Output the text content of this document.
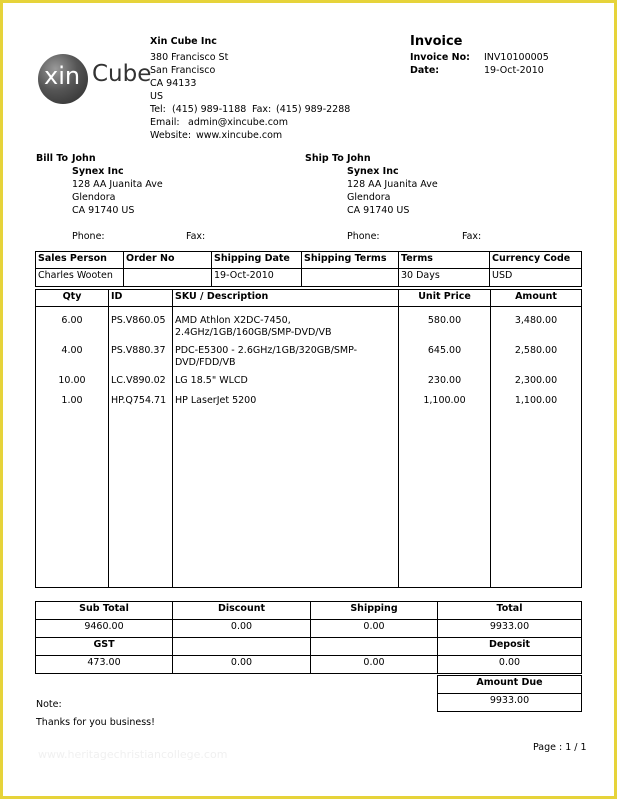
xin Cube
Xin Cube Inc
380 Francisco St
San Francisco
CA 94133
US
Tel: (415) 989-1188 Fax: (415) 989-2288
Email: admin@xincube.com
Website: www.xincube.com
Invoice
Invoice No: INV10100005
Date:	19-Oct-2010
Bill To John
Synex Inc
128 AA Juanita Ave
Glendora
CA 91740 US
Phone:	Fax:
Ship To John
Synex Inc
128 AA Juanita Ave
Glendora
CA 91740 US
Phone:	Fax:
Sales Person	Order No	Shipping Date	Shipping Terms	Terms	Currency Code
Charles Wooten		19-Oct-2010		30 Days	USD
Qty	ID	SKU / Description	Unit Price	Amount
6.00	PS.V860.05	AMD Athlon X2DC-7450, 2.4GHz/1GB/160GB/SMP-DVD/VB	580.00	3,480.00
4.00	PS.V880.37	PDC-E5300 - 2.6GHz/1GB/320GB/SMP-DVD/FDD/VB	645.00	2,580.00
10.00	LC.V890.02	LG 18.5" WLCD	230.00	2,300.00
1.00	HP.Q754.71	HP LaserJet 5200	1,100.00	1,100.00
Sub Total	Discount	Shipping	Total
9460.00	0.00	0.00	9933.00
GST			Deposit
473.00	0.00	0.00	0.00
Amount Due
9933.00
Note:
Thanks for you business!
Page : 1 / 1
www.heritagechristiancollege.com
